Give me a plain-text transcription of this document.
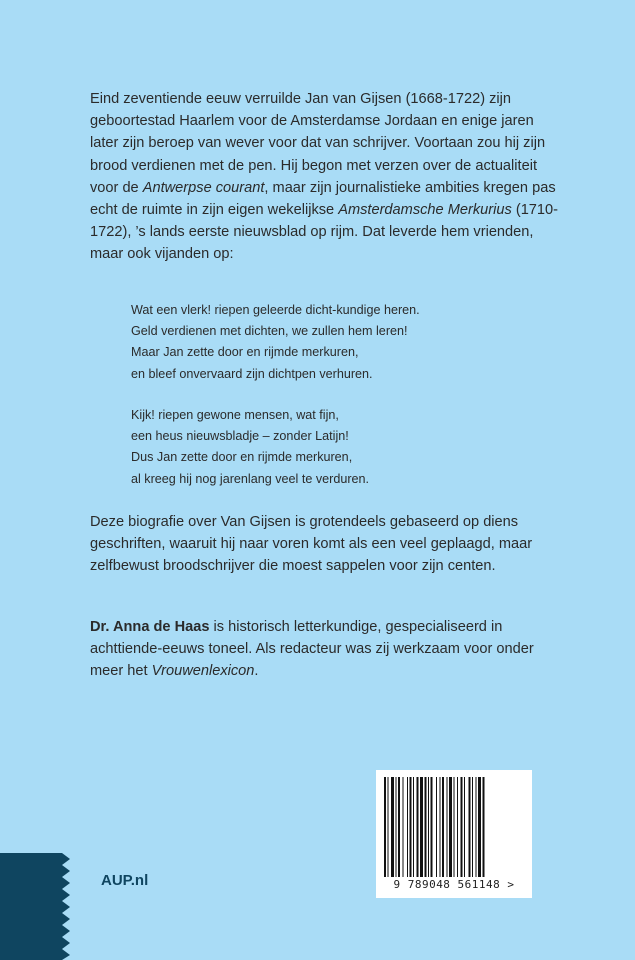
Eind zeventiende eeuw verruilde Jan van Gijsen (1668-1722) zijn geboortestad Haarlem voor de Amsterdamse Jordaan en enige jaren later zijn beroep van wever voor dat van schrijver. Voortaan zou hij zijn brood verdienen met de pen. Hij begon met verzen over de actualiteit voor de Antwerpse courant, maar zijn journalistieke ambities kregen pas echt de ruimte in zijn eigen wekelijkse Amsterdamsche Merkurius (1710-1722), ’s lands eerste nieuwsblad op rijm. Dat leverde hem vrienden, maar ook vijanden op:

Wat een vlerk! riepen geleerde dicht-kundige heren.
Geld verdienen met dichten, we zullen hem leren!
Maar Jan zette door en rijmde merkuren,
en bleef onvervaard zijn dichtpen verhuren.
Kijk! riepen gewone mensen, wat fijn,
een heus nieuwsbladje – zonder Latijn!
Dus Jan zette door en rijmde merkuren,
al kreeg hij nog jarenlang veel te verduren.

Deze biografie over Van Gijsen is grotendeels gebaseerd op diens geschriften, waaruit hij naar voren komt als een veel geplaagd, maar zelfbewust broodschrijver die moest sappelen voor zijn centen.

Dr. Anna de Haas is historisch letterkundige, gespecialiseerd in achttiende-eeuws toneel. Als redacteur was zij werkzaam voor onder meer het Vrouwenlexicon.

9 789048 561148 >
AUP.nl
